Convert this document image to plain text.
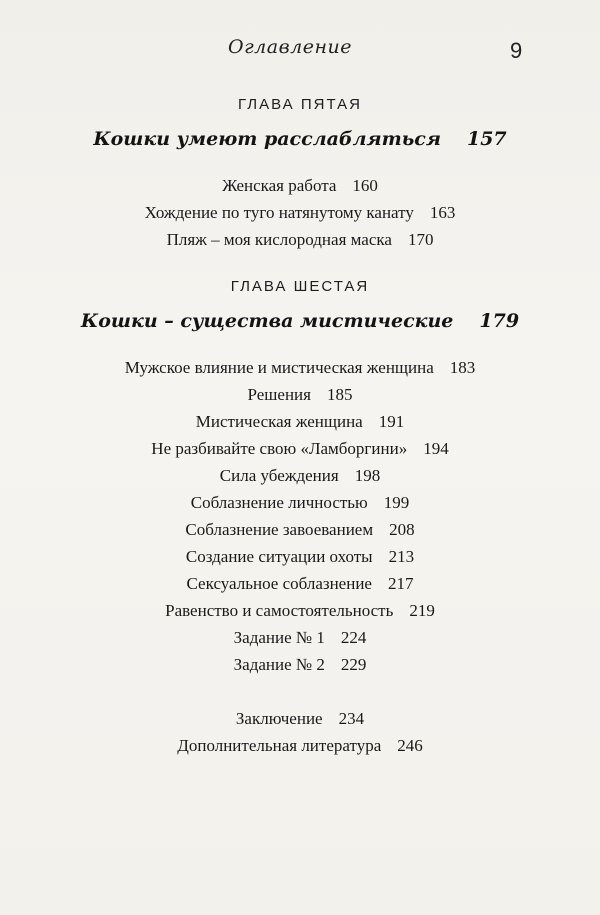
Оглавление	9
ГЛАВА ПЯТАЯ
Кошки умеют расслабляться 157
Женская работа 160
Хождение по туго натянутому канату 163
Пляж – моя кислородная маска 170
ГЛАВА ШЕСТАЯ
Кошки – существа мистические 179
Мужское влияние и мистическая женщина 183
Решения 185
Мистическая женщина 191
Не разбивайте свою «Ламборгини» 194
Сила убеждения 198
Соблазнение личностью 199
Соблазнение завоеванием 208
Создание ситуации охоты 213
Сексуальное соблазнение 217
Равенство и самостоятельность 219
Задание № 1 224
Задание № 2 229
Заключение 234
Дополнительная литература 246
